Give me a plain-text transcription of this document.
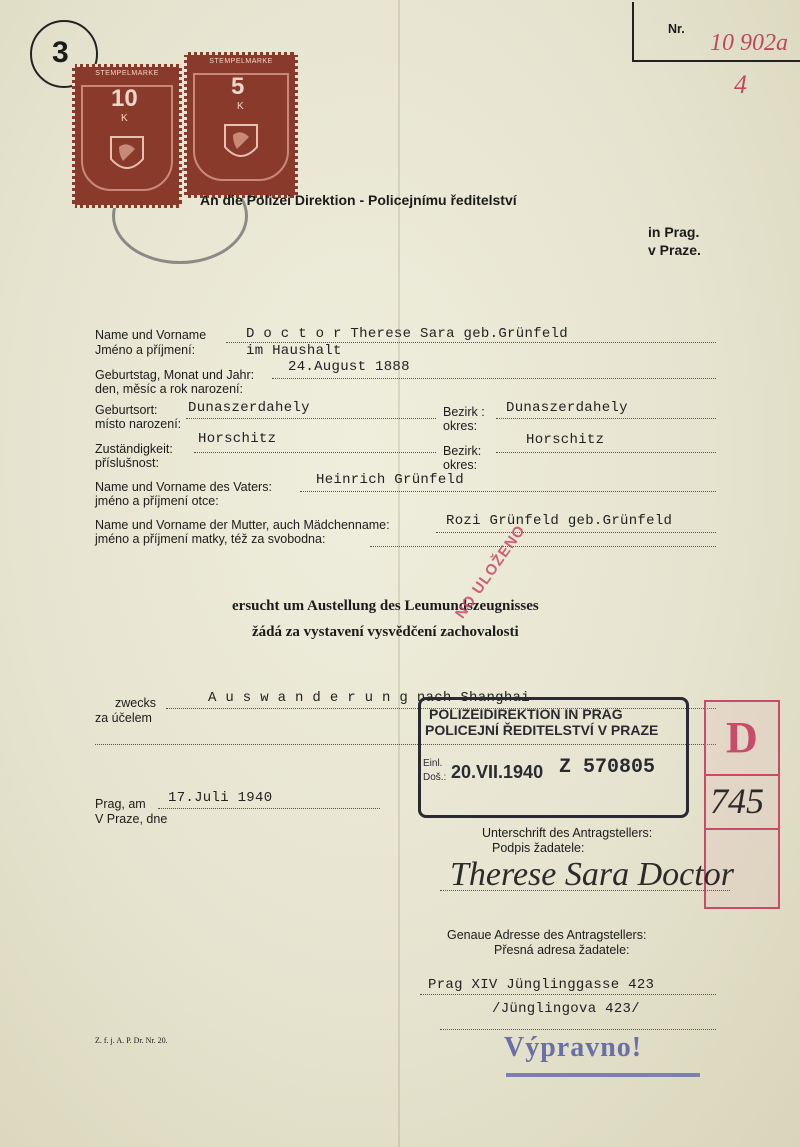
3
Nr.
10 902a
4
STEMPELMARKE
10
K
STEMPELMARKE
5
K
An die Polizei Direktion - Policejnímu ředitelství
in Prag.
v Praze.
Name und Vorname
Jméno a příjmení:
D o c t o r Therese Sara geb.Grünfeld
im Haushalt
Geburtstag, Monat und Jahr:
den, měsíc a rok narození:
24.August 1888
Geburtsort:
místo narození:
Dunaszerdahely	Bezirk :
okres:
Dunaszerdahely
Zuständigkeit:
příslušnost:
Horschitz
Bezirk:
okres:
Horschitz
Name und Vorname des Vaters:
jméno a příjmení otce:
Heinrich Grünfeld
Name und Vorname der Mutter, auch Mädchenname:
jméno a příjmení matky, též za svobodna:
Rozi Grünfeld geb.Grünfeld
ersucht um Austellung des Leumundszeugnisses
žádá za vystavení vysvědčení zachovalosti
zwecks
za účelem
A u s w a n d e r u n g nach Shanghai
Prag, am
V Praze, dne
17.Juli 1940
NO ULOŽENO
POLIZEIDIREKTION IN PRAG
POLICEJNÍ ŘEDITELSTVÍ V PRAZE
Einl.
Doš.: 20.VII.1940 Z 570805
D
745
Unterschrift des Antragstellers:
Podpis žadatele:
Therese Sara Doctor
Genaue Adresse des Antragstellers:
Přesná adresa žadatele:
Prag XIV Jünglinggasse 423
/Jünglingova 423/
Z. f. j. A. P. Dr. Nr. 20.	Výpravno!
